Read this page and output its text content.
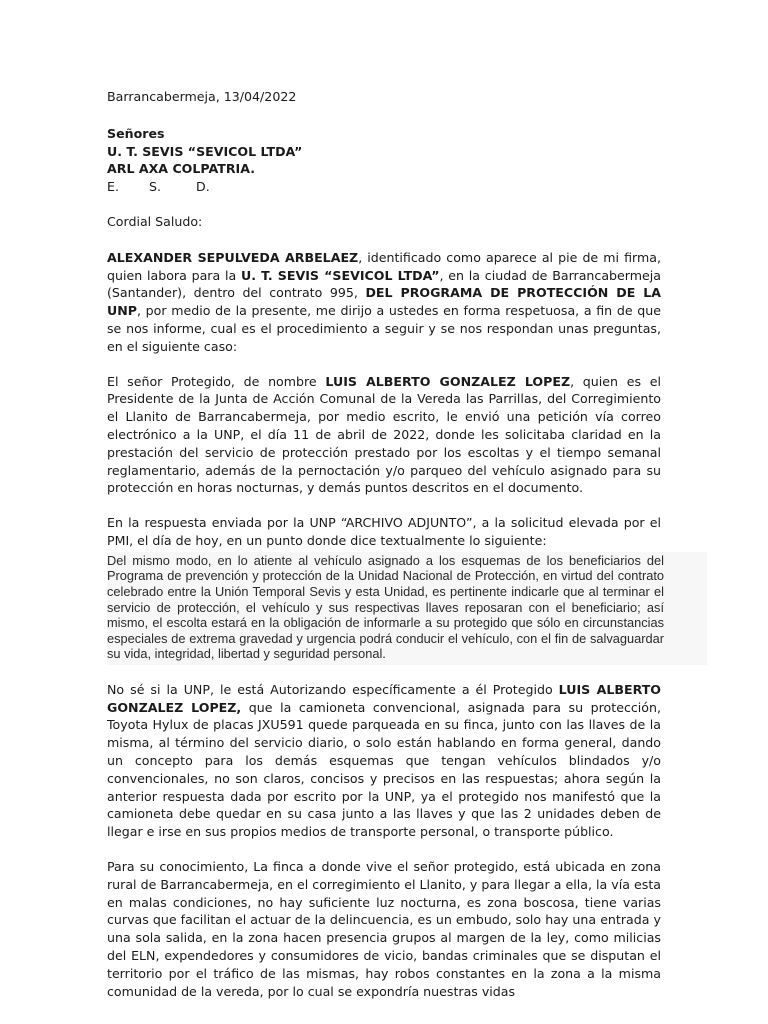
Barrancabermeja, 13/04/2022

Señores
U. T. SEVIS “SEVICOL LTDA”
ARL AXA COLPATRIA.
E. S.	D.

Cordial Saludo:

ALEXANDER SEPULVEDA ARBELAEZ, identificado como aparece al pie de mi firma, quien labora para la U. T. SEVIS “SEVICOL LTDA”, en la ciudad de Barrancabermeja (Santander), dentro del contrato 995, DEL PROGRAMA DE PROTECCIÓN DE LA UNP, por medio de la presente, me dirijo a ustedes en forma respetuosa, a fin de que se nos informe, cual es el procedimiento a seguir y se nos respondan unas preguntas, en el siguiente caso:

El señor Protegido, de nombre LUIS ALBERTO GONZALEZ LOPEZ, quien es el Presidente de la Junta de Acción Comunal de la Vereda las Parrillas, del Corregimiento el Llanito de Barrancabermeja, por medio escrito, le envió una petición vía correo electrónico a la UNP, el día 11 de abril de 2022, donde les solicitaba claridad en la prestación del servicio de protección prestado por los escoltas y el tiempo semanal reglamentario, además de la pernoctación y/o parqueo del vehículo asignado para su protección en horas nocturnas, y demás puntos descritos en el documento.

En la respuesta enviada por la UNP “ARCHIVO ADJUNTO”, a la solicitud elevada por el PMI, el día de hoy, en un punto donde dice textualmente lo siguiente:

Del mismo modo, en lo atiente al vehículo asignado a los esquemas de los beneficiarios del Programa de prevención y protección de la Unidad Nacional de Protección, en virtud del contrato celebrado entre la Unión Temporal Sevis y esta Unidad, es pertinente indicarle que al terminar el servicio de protección, el vehículo y sus respectivas llaves reposaran con el beneficiario; así mismo, el escolta estará en la obligación de informarle a su protegido que sólo en circunstancias especiales de extrema gravedad y urgencia podrá conducir el vehículo, con el fin de salvaguardar su vida, integridad, libertad y seguridad personal.

No sé si la UNP, le está Autorizando específicamente a él Protegido LUIS ALBERTO GONZALEZ LOPEZ, que la camioneta convencional, asignada para su protección, Toyota Hylux de placas JXU591 quede parqueada en su finca, junto con las llaves de la misma, al término del servicio diario, o solo están hablando en forma general, dando un concepto para los demás esquemas que tengan vehículos blindados y/o convencionales, no son claros, concisos y precisos en las respuestas; ahora según la anterior respuesta dada por escrito por la UNP, ya el protegido nos manifestó que la camioneta debe quedar en su casa junto a las llaves y que las 2 unidades deben de llegar e irse en sus propios medios de transporte personal, o transporte público.

Para su conocimiento, La finca a donde vive el señor protegido, está ubicada en zona rural de Barrancabermeja, en el corregimiento el Llanito, y para llegar a ella, la vía esta en malas condiciones, no hay suficiente luz nocturna, es zona boscosa, tiene varias curvas que facilitan el actuar de la delincuencia, es un embudo, solo hay una entrada y una sola salida, en la zona hacen presencia grupos al margen de la ley, como milicias del ELN, expendedores y consumidores de vicio, bandas criminales que se disputan el territorio por el tráfico de las mismas, hay robos constantes en la zona a la misma comunidad de la vereda, por lo cual se expondría nuestras vidas
